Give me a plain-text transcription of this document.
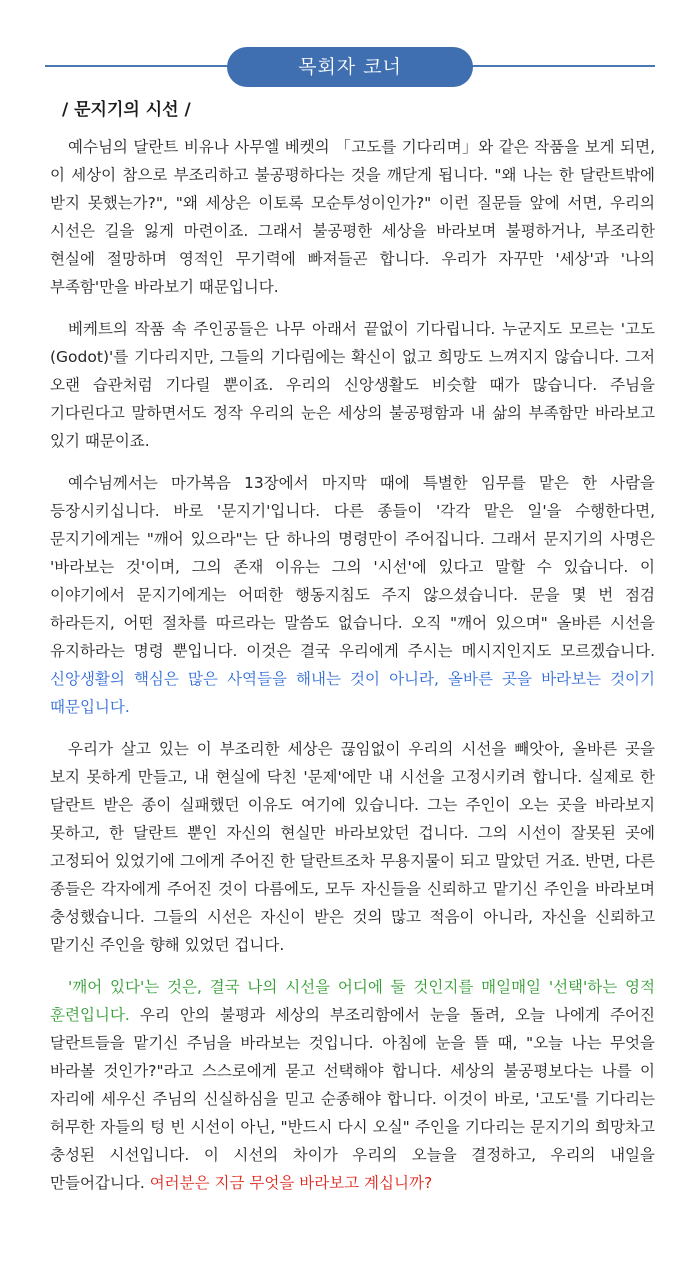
목회자 코너
/ 문지기의 시선 /

예수님의 달란트 비유나 사무엘 베켓의 「고도를 기다리며」와 같은 작품을 보게 되면, 이 세상이 참으로 부조리하고 불공평하다는 것을 깨닫게 됩니다. "왜 나는 한 달란트밖에 받지 못했는가?", "왜 세상은 이토록 모순투성이인가?" 이런 질문들 앞에 서면, 우리의 시선은 길을 잃게 마련이죠. 그래서 불공평한 세상을 바라보며 불평하거나, 부조리한 현실에 절망하며 영적인 무기력에 빠져들곤 합니다. 우리가 자꾸만 '세상'과 '나의 부족함'만을 바라보기 때문입니다.

베케트의 작품 속 주인공들은 나무 아래서 끝없이 기다립니다. 누군지도 모르는 '고도(Godot)'를 기다리지만, 그들의 기다림에는 확신이 없고 희망도 느껴지지 않습니다. 그저 오랜 습관처럼 기다릴 뿐이죠. 우리의 신앙생활도 비슷할 때가 많습니다. 주님을 기다린다고 말하면서도 정작 우리의 눈은 세상의 불공평함과 내 삶의 부족함만 바라보고 있기 때문이죠.

예수님께서는 마가복음 13장에서 마지막 때에 특별한 임무를 맡은 한 사람을 등장시키십니다. 바로 '문지기'입니다. 다른 종들이 '각각 맡은 일'을 수행한다면, 문지기에게는 "깨어 있으라"는 단 하나의 명령만이 주어집니다. 그래서 문지기의 사명은 '바라보는 것'이며, 그의 존재 이유는 그의 '시선'에 있다고 말할 수 있습니다. 이 이야기에서 문지기에게는 어떠한 행동지침도 주지 않으셨습니다. 문을 몇 번 점검 하라든지, 어떤 절차를 따르라는 말씀도 없습니다. 오직 "깨어 있으며" 올바른 시선을 유지하라는 명령 뿐입니다. 이것은 결국 우리에게 주시는 메시지인지도 모르겠습니다. 신앙생활의 핵심은 많은 사역들을 해내는 것이 아니라, 올바른 곳을 바라보는 것이기 때문입니다.

우리가 살고 있는 이 부조리한 세상은 끊임없이 우리의 시선을 빼앗아, 올바른 곳을 보지 못하게 만들고, 내 현실에 닥친 '문제'에만 내 시선을 고정시키려 합니다. 실제로 한 달란트 받은 종이 실패했던 이유도 여기에 있습니다. 그는 주인이 오는 곳을 바라보지 못하고, 한 달란트 뿐인 자신의 현실만 바라보았던 겁니다. 그의 시선이 잘못된 곳에 고정되어 있었기에 그에게 주어진 한 달란트조차 무용지물이 되고 말았던 거죠. 반면, 다른 종들은 각자에게 주어진 것이 다름에도, 모두 자신들을 신뢰하고 맡기신 주인을 바라보며 충성했습니다. 그들의 시선은 자신이 받은 것의 많고 적음이 아니라, 자신을 신뢰하고 맡기신 주인을 향해 있었던 겁니다.

'깨어 있다'는 것은, 결국 나의 시선을 어디에 둘 것인지를 매일매일 '선택'하는 영적 훈련입니다. 우리 안의 불평과 세상의 부조리함에서 눈을 돌려, 오늘 나에게 주어진 달란트들을 맡기신 주님을 바라보는 것입니다. 아침에 눈을 뜰 때, "오늘 나는 무엇을 바라볼 것인가?"라고 스스로에게 묻고 선택해야 합니다. 세상의 불공평보다는 나를 이 자리에 세우신 주님의 신실하심을 믿고 순종해야 합니다. 이것이 바로, '고도'를 기다리는 허무한 자들의 텅 빈 시선이 아닌, "반드시 다시 오실" 주인을 기다리는 문지기의 희망차고 충성된 시선입니다. 이 시선의 차이가 우리의 오늘을 결정하고, 우리의 내일을 만들어갑니다. 여러분은 지금 무엇을 바라보고 계십니까?
